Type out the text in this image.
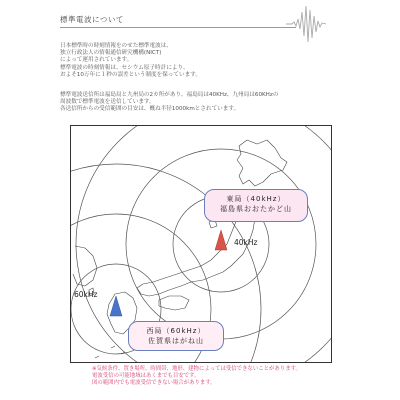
標準電波について
日本標準時の時刻情報をのせた標準電波は、
独立行政法人の情報通信研究機構(NICT)
によって運用されています。
標準電波の時刻情報は、セシウム原子時計により、
およそ10万年に１秒の誤差という制度を保っています。
標準電波送信所は福島局と九州局の2カ所があり、福島局は40KHz、九州局は60KHzの
周波数で標準電波を送信しています。
各送信所からの受信範囲の目安は、概ね半径1000kmとされています。
東局（40kHz）
福島県おおたかど山
40kHz
西局（60kHz）
佐賀県はがね山
60kHz
※気候条件、置き場所、時間帯、地形、建物によっては受信できないことがあります。
電波受信の可能地域はあくまでも目安です。
図の範囲内でも電波受信できない場合があります。
